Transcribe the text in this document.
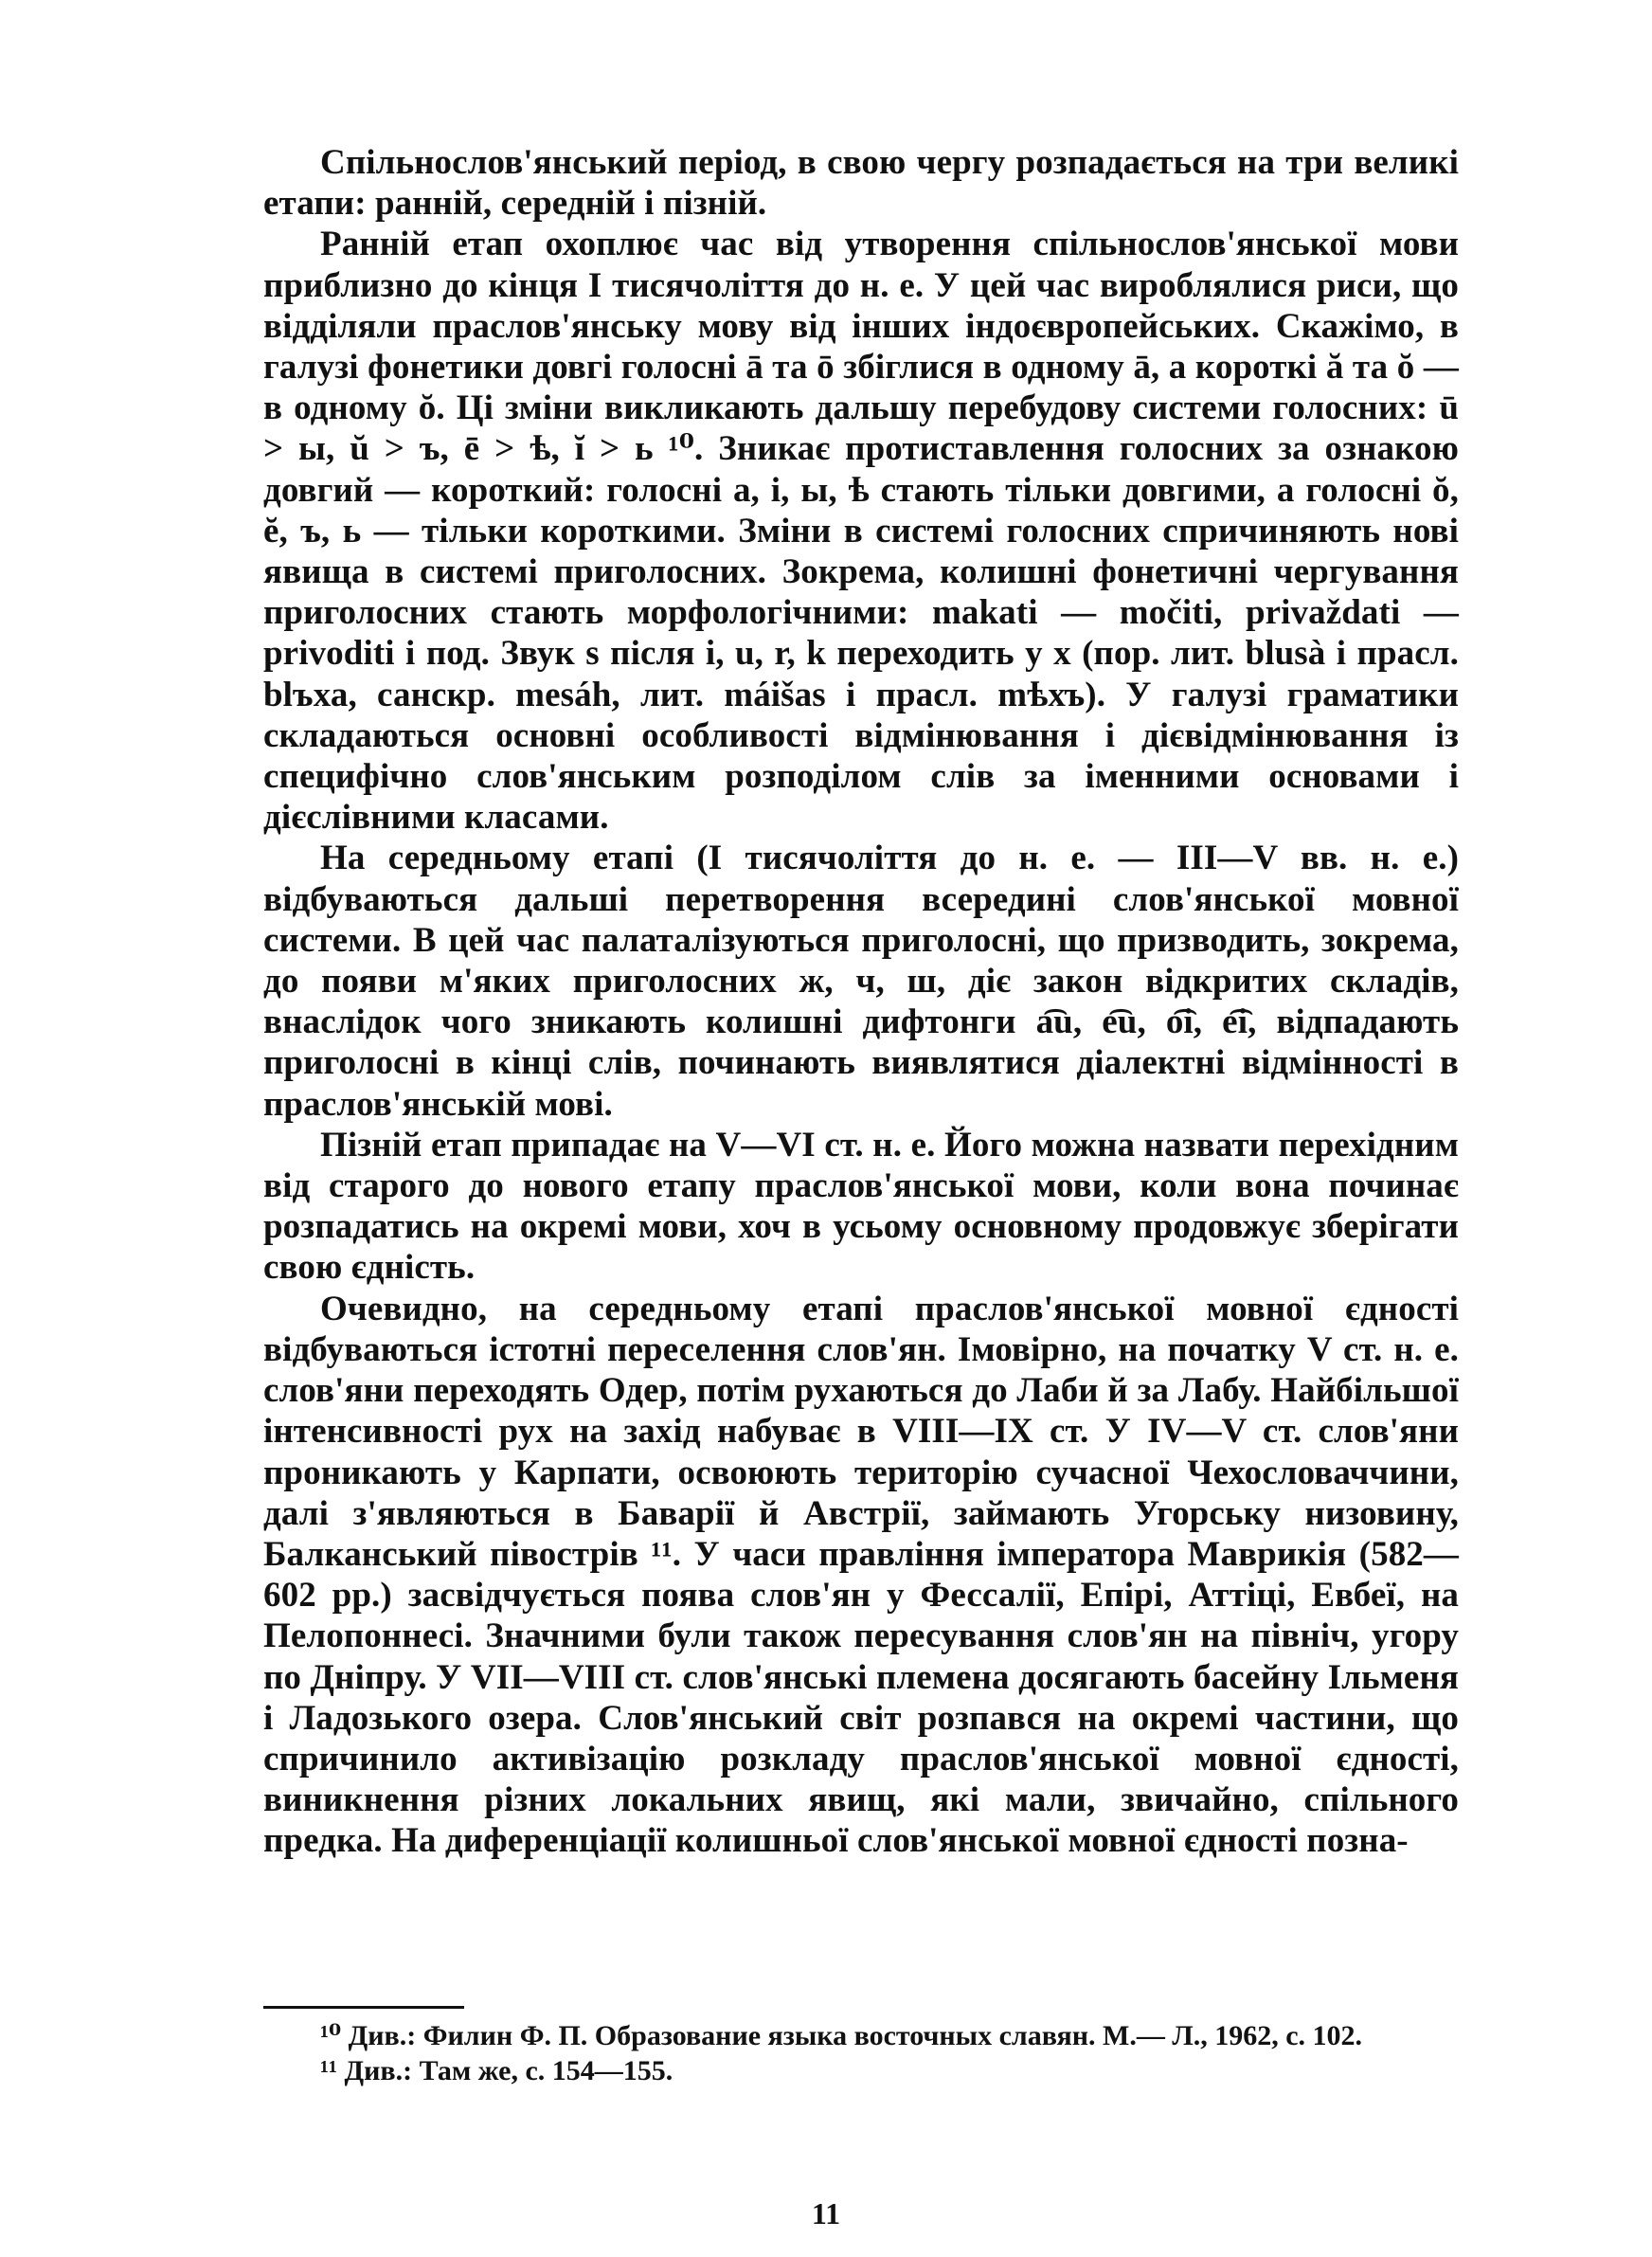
Спільнослов'янський період, в свою чергу розпадається на три великі етапи: ранній, середній і пізній.

Ранній етап охоплює час від утворення спільнослов'янської мови приблизно до кінця I тисячоліття до н. е. У цей час вироблялися риси, що відділяли праслов'янську мову від інших індоєвропейських. Скажімо, в галузі фонетики довгі голосні ā та ō збіглися в одному ā, а короткі ă та ŏ — в одному ŏ. Ці зміни викликають дальшу перебудову системи голосних: ū > ы, ŭ > ъ, ē > ѣ, ĭ > ь ¹⁰. Зникає протиставлення голосних за ознакою довгий — короткий: голосні а, і, ы, ѣ стають тільки довгими, а голосні ŏ, ĕ, ъ, ь — тільки короткими. Зміни в системі голосних спричиняють нові явища в системі приголосних. Зокрема, колишні фонетичні чергування приголосних стають морфологічними: makati — močiti, privaždati — privoditi і под. Звук s після i, u, r, k переходить у х (пор. лит. blusà і прасл. blъха, санскр. mesáh, лит. máišas і прасл. mѣхъ). У галузі граматики складаються основні особливості відмінювання і дієвідмінювання із специфічно слов'янським розподілом слів за іменними основами і дієслівними класами.

На середньому етапі (I тисячоліття до н. е. — III—V вв. н. е.) відбуваються дальші перетворення всередині слов'янської мовної системи. В цей час палаталізуються приголосні, що призводить, зокрема, до появи м'яких приголосних ж, ч, ш, діє закон відкритих складів, внаслідок чого зникають колишні дифтонги a͡u, e͡u, o͡i, e͡i, відпадають приголосні в кінці слів, починають виявлятися діалектні відмінності в праслов'янській мові.

Пізній етап припадає на V—VI ст. н. е. Його можна назвати перехідним від старого до нового етапу праслов'янської мови, коли вона починає розпадатись на окремі мови, хоч в усьому основному продовжує зберігати свою єдність.

Очевидно, на середньому етапі праслов'янської мовної єдності відбуваються істотні переселення слов'ян. Імовірно, на початку V ст. н. е. слов'яни переходять Одер, потім рухаються до Лаби й за Лабу. Найбільшої інтенсивності рух на захід набуває в VIII—IX ст. У IV—V ст. слов'яни проникають у Карпати, освоюють територію сучасної Чехословаччини, далі з'являються в Баварії й Австрії, займають Угорську низовину, Балканський півострів ¹¹. У часи правління імператора Маврикія (582—602 рр.) засвідчується поява слов'ян у Фессалії, Епірі, Аттіці, Евбеї, на Пелопоннесі. Значними були також пересування слов'ян на північ, угору по Дніпру. У VII—VIII ст. слов'янські племена досягають басейну Ільменя і Ладозького озера. Слов'янський світ розпався на окремі частини, що спричинило активізацію розкладу праслов'янської мовної єдності, виникнення різних локальних явищ, які мали, звичайно, спільного предка. На диференціації колишньої слов'янської мовної єдності позна-

¹⁰ Див.: Филин Ф. П. Образование языка восточных славян. М.— Л., 1962, с. 102.

¹¹ Див.: Там же, с. 154—155.

11
